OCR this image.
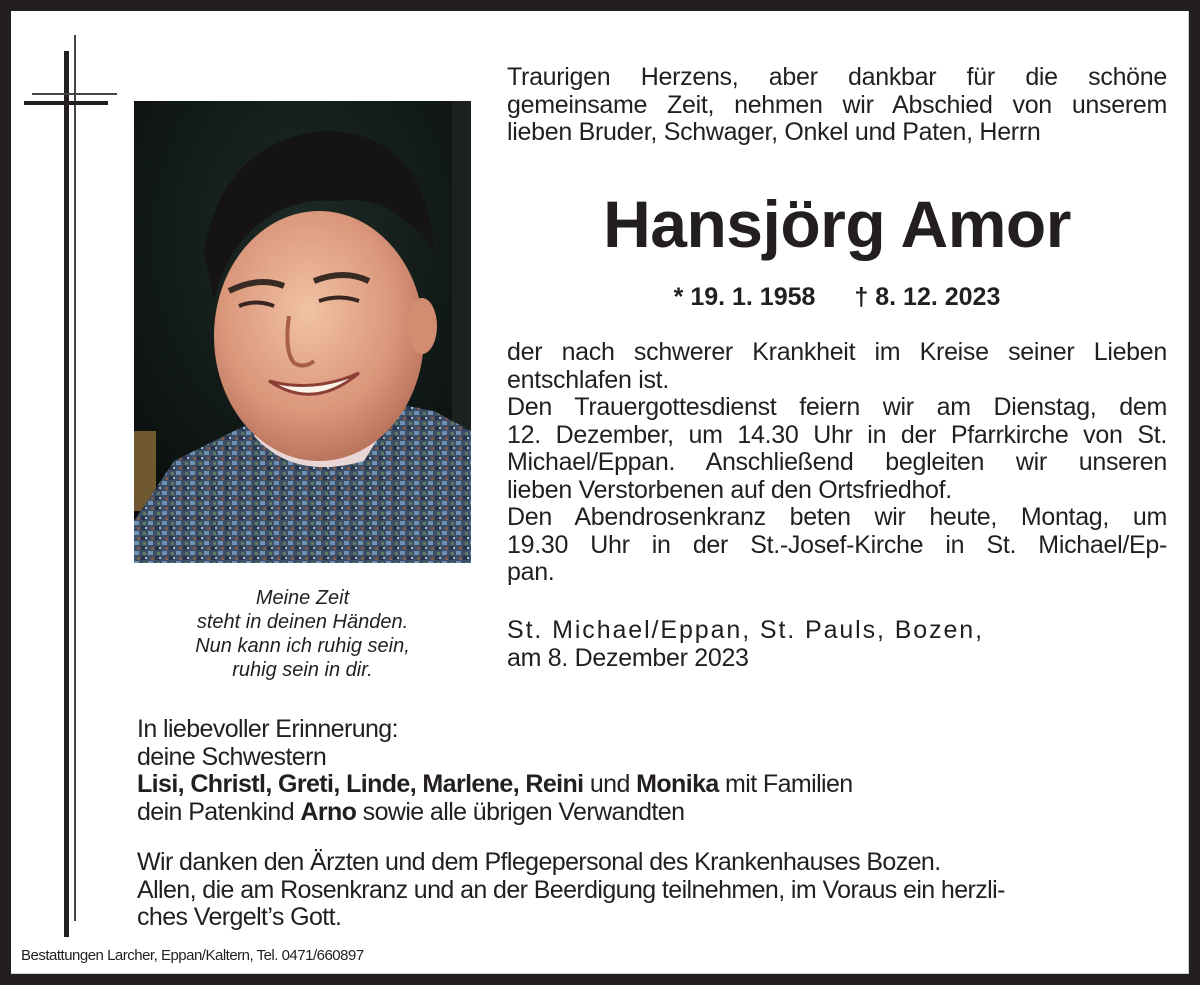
Traurigen Herzens, aber dankbar für die schöne
gemeinsame Zeit, nehmen wir Abschied von unserem
lieben Bruder, Schwager, Onkel und Paten, Herrn
Hansjörg Amor
* 19. 1. 1958 † 8. 12. 2023
der nach schwerer Krankheit im Kreise seiner Lieben
entschlafen ist.
Den Trauergottesdienst feiern wir am Dienstag, dem
12. Dezember, um 14.30 Uhr in der Pfarrkirche von St.
Michael/Eppan. Anschließend begleiten wir unseren
lieben Verstorbenen auf den Ortsfriedhof.
Den Abendrosenkranz beten wir heute, Montag, um
19.30 Uhr in der St.-Josef-Kirche in St. Michael/Ep-
pan.
St. Michael/Eppan, St. Pauls, Bozen,
am 8. Dezember 2023
Meine Zeit
steht in deinen Händen.
Nun kann ich ruhig sein,
ruhig sein in dir.
In liebevoller Erinnerung:
deine Schwestern
Lisi, Christl, Greti, Linde, Marlene, Reini und Monika mit Familien
dein Patenkind Arno sowie alle übrigen Verwandten
Wir danken den Ärzten und dem Pflegepersonal des Krankenhauses Bozen.
Allen, die am Rosenkranz und an der Beerdigung teilnehmen, im Voraus ein herzli-
ches Vergelt’s Gott.
Bestattungen Larcher, Eppan/Kaltern, Tel. 0471/660897
